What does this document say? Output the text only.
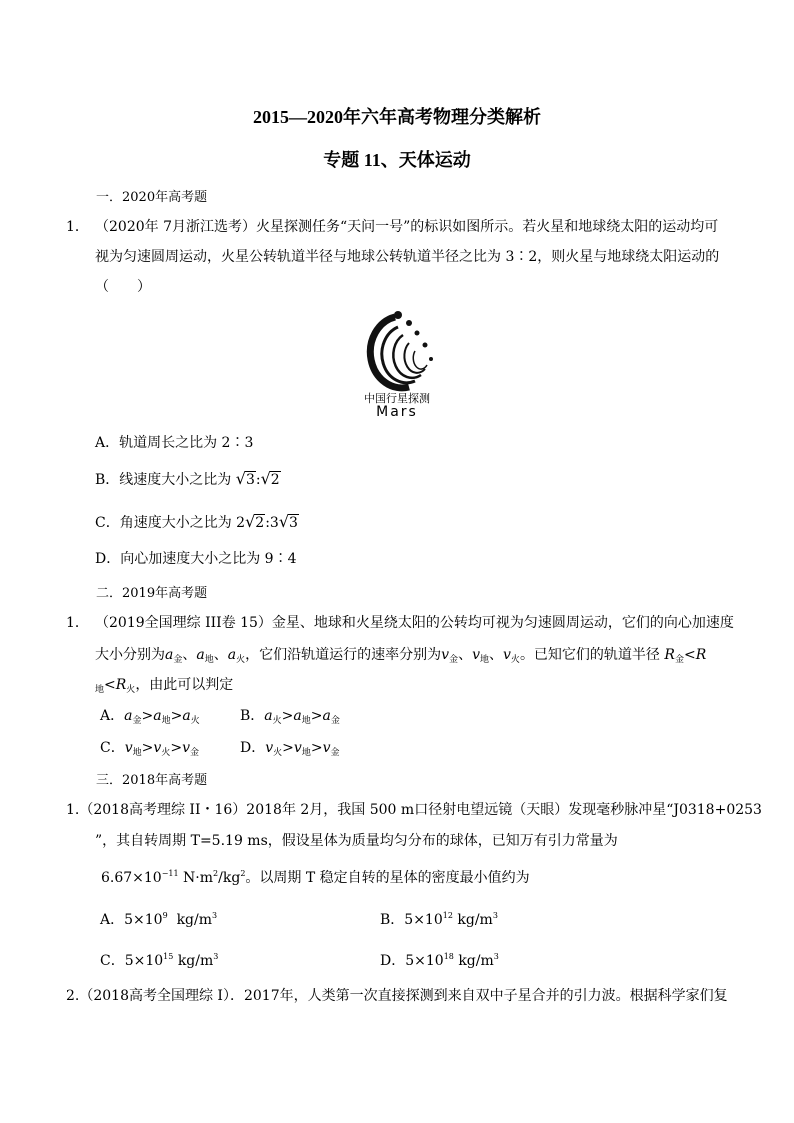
2015—2020年六年高考物理分类解析
专题 11、天体运动
一．2020年高考题
1． （2020年 7月浙江选考）火星探测任务“天问一号”的标识如图所示。若火星和地球绕太阳的运动均可
视为匀速圆周运动，火星公转轨道半径与地球公转轨道半径之比为 3∶2，则火星与地球绕太阳运动的
（　　）
中国行星探测
Mars
A．轨道周长之比为 2∶3
B．线速度大小之比为 √3:√2
C．角速度大小之比为 2√2:3√3
D．向心加速度大小之比为 9∶4
二．2019年高考题
1． （2019全国理综 III卷 15）金星、地球和火星绕太阳的公转均可视为匀速圆周运动，它们的向心加速度
大小分别为$a_金$、$a_地$、$a_火$，它们沿轨道运行的速率分别为$v_金$、$v_地$、$v_火$。已知它们的轨道半径 $R_金<R$
$_地<R_火$，由此可以判定
A．$a_金>a_地>a_火$	B．$a_火>a_地>a_金$
C．$v_地>v_火>v_金$	D．$v_火>v_地>v_金$
三．2018年高考题
1.（2018高考理综 II・16）2018年 2月，我国 500 m口径射电望远镜（天眼）发现毫秒脉冲星“J0318+0253
”，其自转周期 T=5.19 ms，假设星体为质量均匀分布的球体，已知万有引力常量为
$6.67\times 10^{-11}$ $N\cdot m^2/kg^2$。以周期 T 稳定自转的星体的密度最小值约为
A．$5\times 10^9$ $kg/m^3$	B．$5\times 10^{12}$ $kg/m^3$
C．$5\times 10^{15}$ $kg/m^3$	D．$5\times 10^{18}$ $kg/m^3$
2.（2018高考全国理综 I）．2017年，人类第一次直接探测到来自双中子星合并的引力波。根据科学家们复
